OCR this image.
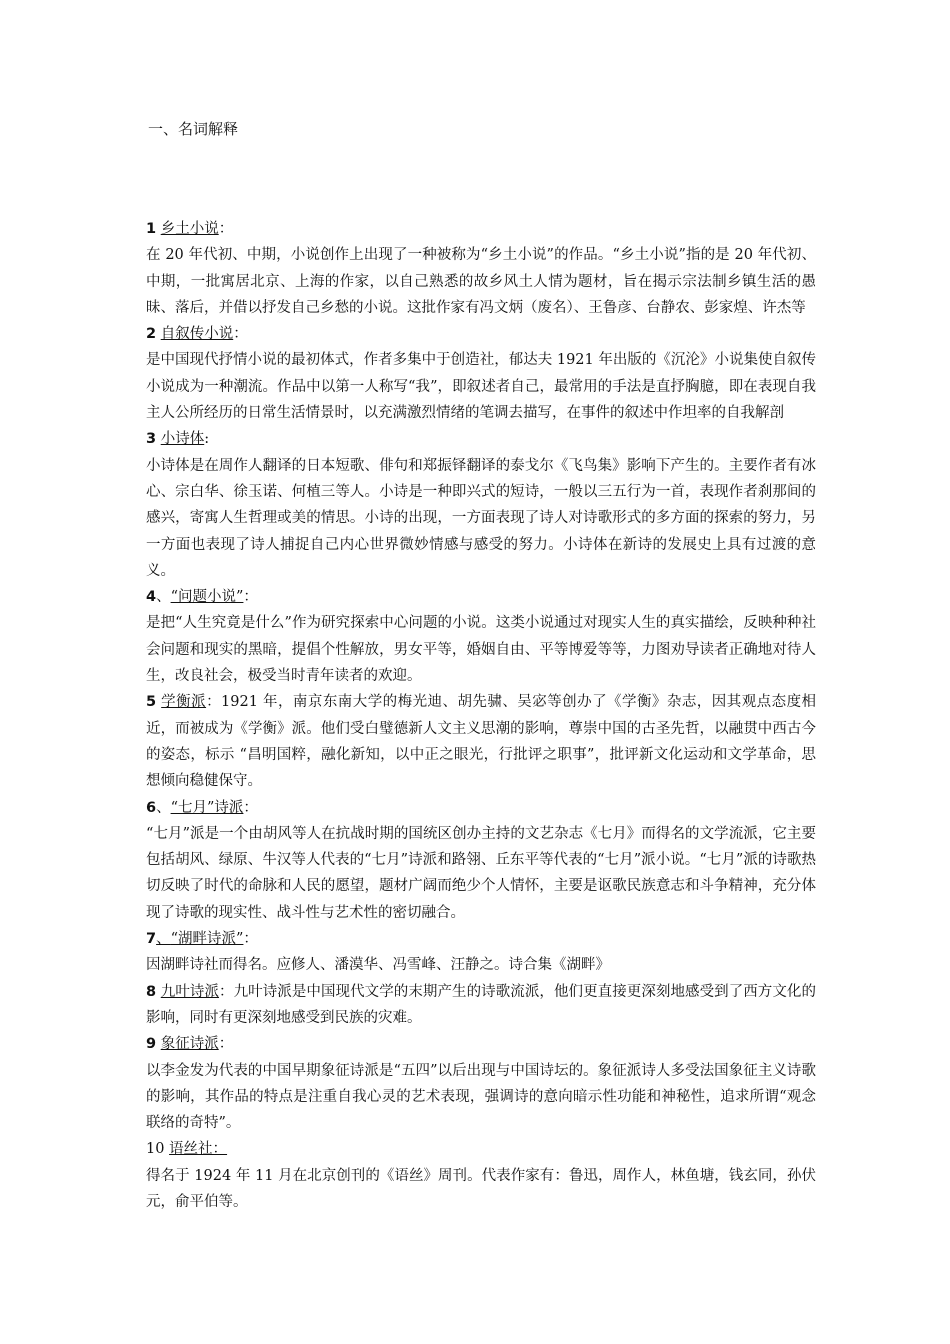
一、名词解释
1 乡土小说：

在 20 年代初、中期，小说创作上出现了一种被称为“乡土小说”的作品。“乡土小说”指的是 20 年代初、中期，一批寓居北京、上海的作家，以自己熟悉的故乡风土人情为题材，旨在揭示宗法制乡镇生活的愚昧、落后，并借以抒发自己乡愁的小说。这批作家有冯文炳（废名）、王鲁彦、台静农、彭家煌、许杰等

2 自叙传小说：

是中国现代抒情小说的最初体式，作者多集中于创造社，郁达夫 1921 年出版的《沉沦》小说集使自叙传小说成为一种潮流。作品中以第一人称写“我”，即叙述者自己，最常用的手法是直抒胸臆，即在表现自我主人公所经历的日常生活情景时，以充满激烈情绪的笔调去描写，在事件的叙述中作坦率的自我解剖

3 小诗体:

小诗体是在周作人翻译的日本短歌、俳句和郑振铎翻译的泰戈尔《飞鸟集》影响下产生的。主要作者有冰心、宗白华、徐玉诺、何植三等人。小诗是一种即兴式的短诗，一般以三五行为一首，表现作者刹那间的感兴，寄寓人生哲理或美的情思。小诗的出现，一方面表现了诗人对诗歌形式的多方面的探索的努力，另一方面也表现了诗人捕捉自己内心世界微妙情感与感受的努力。小诗体在新诗的发展史上具有过渡的意义。

4、“问题小说”：

是把“人生究竟是什么”作为研究探索中心问题的小说。这类小说通过对现实人生的真实描绘，反映种种社会问题和现实的黑暗，提倡个性解放，男女平等，婚姻自由、平等博爱等等，力图劝导读者正确地对待人生，改良社会，极受当时青年读者的欢迎。

5 学衡派：1921 年，南京东南大学的梅光迪、胡先骕、吴宓等创办了《学衡》杂志，因其观点态度相近，而被成为《学衡》派。他们受白璧德新人文主义思潮的影响，尊崇中国的古圣先哲，以融贯中西古今的姿态，标示 “昌明国粹，融化新知，以中正之眼光，行批评之职事”，批评新文化运动和文学革命，思想倾向稳健保守。

6、“七月”诗派：

“七月”派是一个由胡风等人在抗战时期的国统区创办主持的文艺杂志《七月》而得名的文学流派，它主要包括胡风、绿原、牛汉等人代表的“七月”诗派和路翎、丘东平等代表的“七月”派小说。“七月”派的诗歌热切反映了时代的命脉和人民的愿望，题材广阔而绝少个人情怀，主要是讴歌民族意志和斗争精神，充分体现了诗歌的现实性、战斗性与艺术性的密切融合。

7、“湖畔诗派”：

因湖畔诗社而得名。应修人、潘漠华、冯雪峰、汪静之。诗合集《湖畔》

8 九叶诗派：九叶诗派是中国现代文学的末期产生的诗歌流派，他们更直接更深刻地感受到了西方文化的影响，同时有更深刻地感受到民族的灾难。

9 象征诗派：

以李金发为代表的中国早期象征诗派是“五四”以后出现与中国诗坛的。象征派诗人多受法国象征主义诗歌的影响，其作品的特点是注重自我心灵的艺术表现，强调诗的意向暗示性功能和神秘性，追求所谓“观念联络的奇特”。

10 语丝社：

得名于 1924 年 11 月在北京创刊的《语丝》周刊。代表作家有：鲁迅，周作人，林鱼塘，钱玄同，孙伏元，俞平伯等。
